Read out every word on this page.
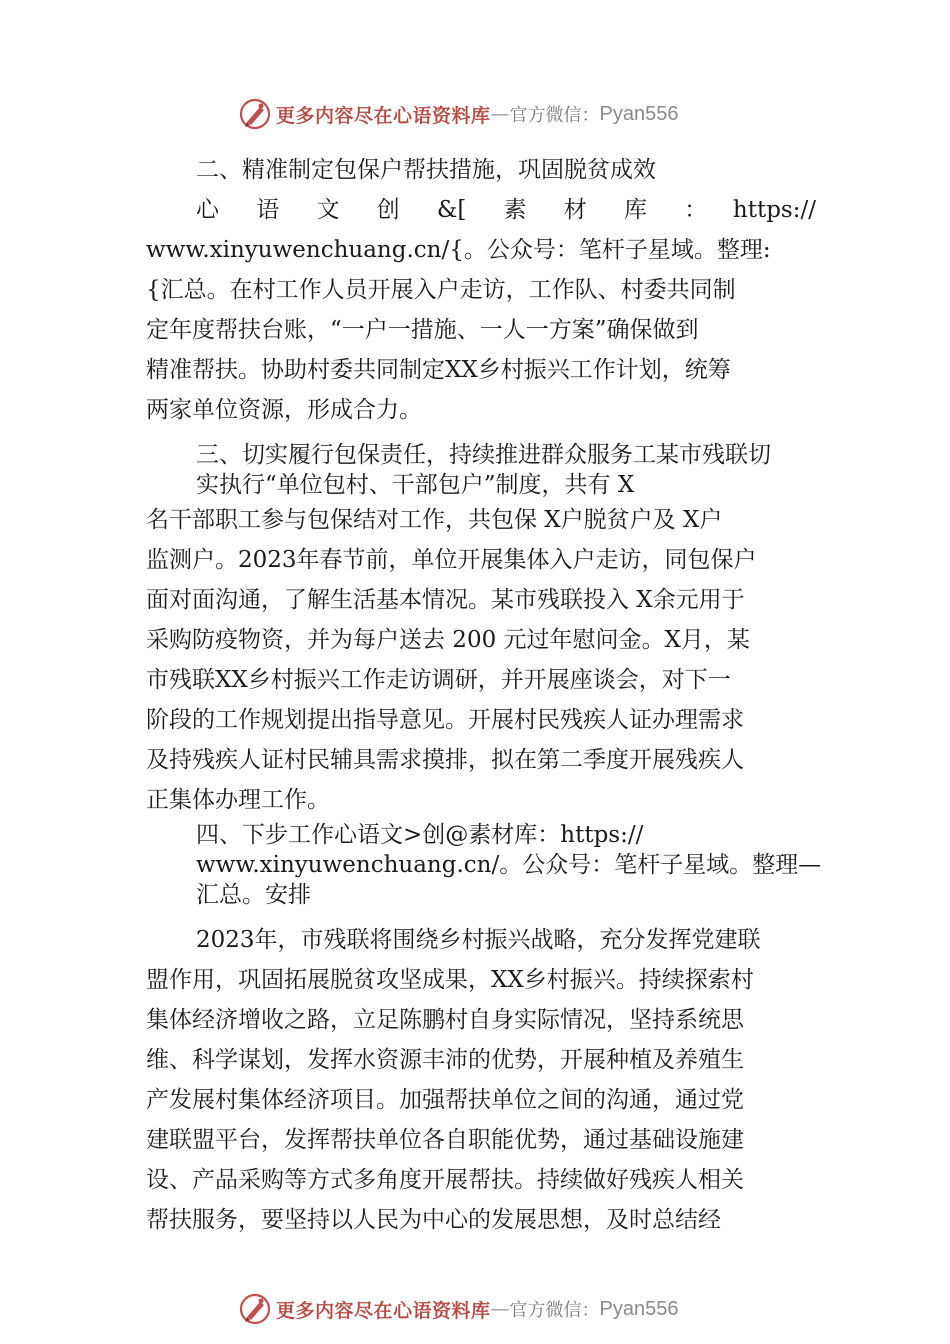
更多内容尽在心语资料库 — 官方微信： Pyan556
二、精准制定包保户帮扶措施，巩固脱贫成效
心　语　文　创　&[　素　材　库　：　https://
www.xinyuwenchuang.cn/{。公众号：笔杆子星域。整理:
{汇总。在村工作人员开展入户走访，工作队、村委共同制
定年度帮扶台账，“一户一措施、一人一方案”确保做到
精准帮扶。协助村委共同制定XX乡村振兴工作计划，统筹
两家单位资源，形成合力。
三、切实履行包保责任，持续推进群众服务工某市残联切
实执行“单位包村、干部包户”制度，共有 X
名干部职工参与包保结对工作，共包保 X户脱贫户及 X户
监测户。2023年春节前，单位开展集体入户走访，同包保户
面对面沟通，了解生活基本情况。某市残联投入 X余元用于
采购防疫物资，并为每户送去 200 元过年慰问金。X月，某
市残联XX乡村振兴工作走访调研，并开展座谈会，对下一
阶段的工作规划提出指导意见。开展村民残疾人证办理需求
及持残疾人证村民辅具需求摸排，拟在第二季度开展残疾人
正集体办理工作。
四、下步工作心语文>创@素材库：https://
www.xinyuwenchuang.cn/。公众号：笔杆子星域。整理—
汇总。安排
2023年，市残联将围绕乡村振兴战略，充分发挥党建联
盟作用，巩固拓展脱贫攻坚成果，XX乡村振兴。持续探索村
集体经济增收之路，立足陈鹏村自身实际情况，坚持系统思
维、科学谋划，发挥水资源丰沛的优势，开展种植及养殖生
产发展村集体经济项目。加强帮扶单位之间的沟通，通过党
建联盟平台，发挥帮扶单位各自职能优势，通过基础设施建
设、产品采购等方式多角度开展帮扶。持续做好残疾人相关
帮扶服务，要坚持以人民为中心的发展思想，及时总结经
更多内容尽在心语资料库 — 官方微信： Pyan556
